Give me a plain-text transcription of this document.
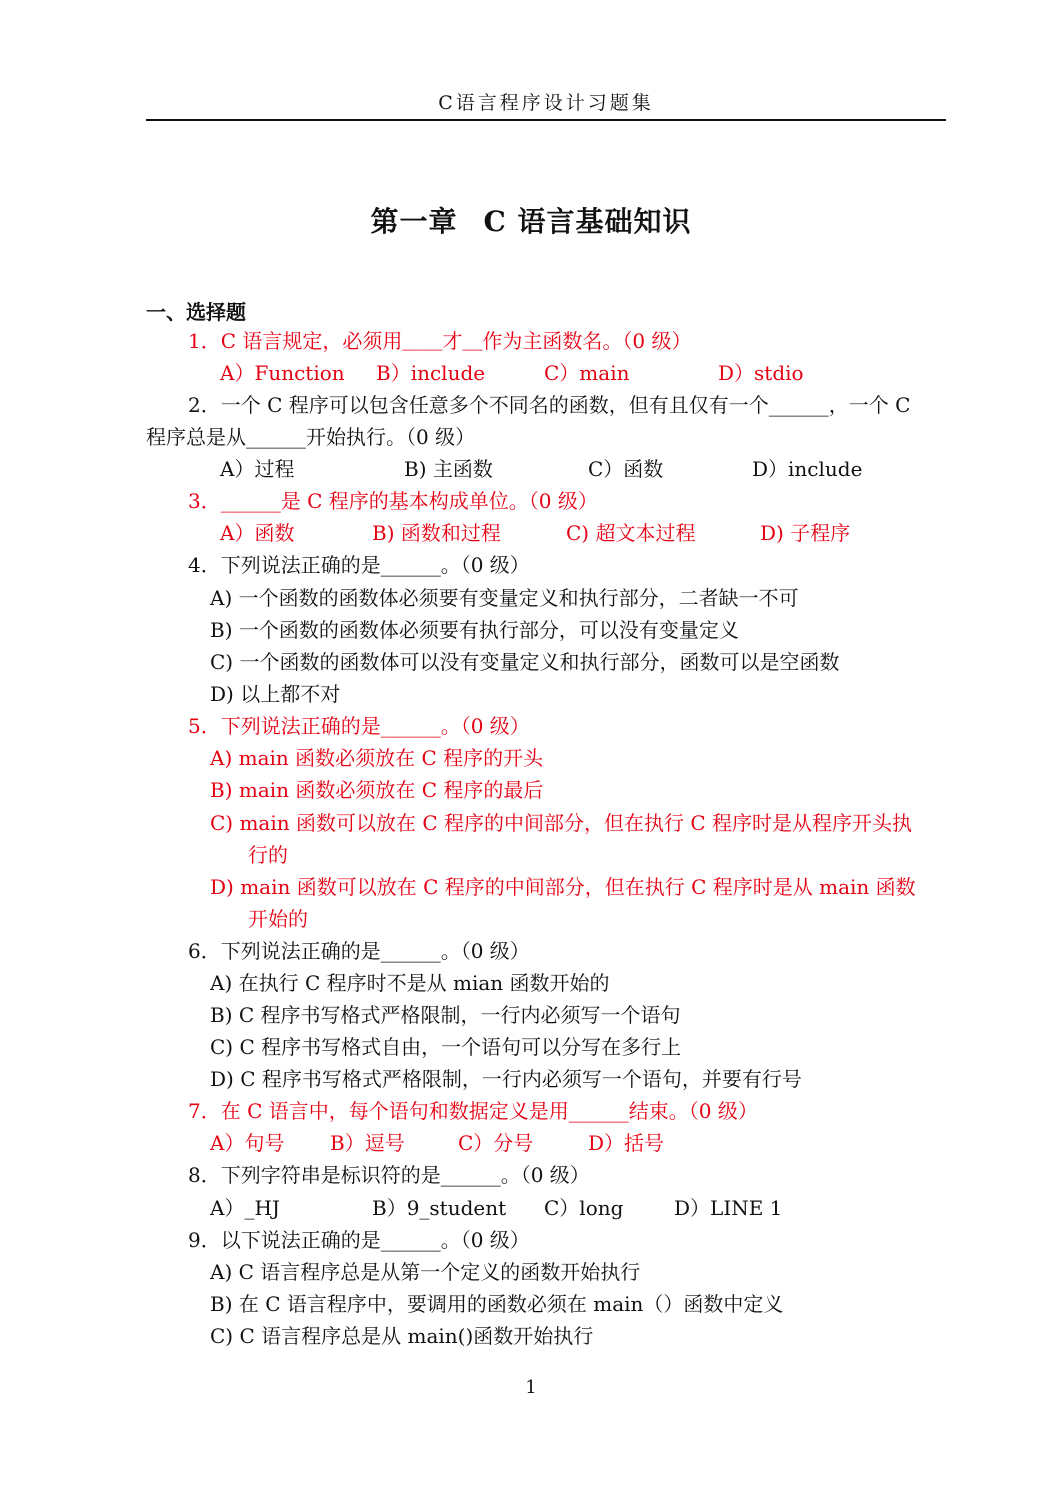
C语言程序设计习题集
第一章 C 语言基础知识
一、选择题
1．C 语言规定，必须用＿＿才＿作为主函数名。（0 级）
A）Function B）include	C）main	D）stdio
2．一个 C 程序可以包含任意多个不同名的函数，但有且仅有一个______，一个 C
程序总是从______开始执行。（0 级）
A）过程	B) 主函数	C）函数	D）include
3．______是 C 程序的基本构成单位。（0 级）
A）函数	B) 函数和过程	C) 超文本过程	D) 子程序
4．下列说法正确的是______。（0 级）
A) 一个函数的函数体必须要有变量定义和执行部分，二者缺一不可
B) 一个函数的函数体必须要有执行部分，可以没有变量定义
C) 一个函数的函数体可以没有变量定义和执行部分，函数可以是空函数
D) 以上都不对
5．下列说法正确的是______。（0 级）
A) main 函数必须放在 C 程序的开头
B) main 函数必须放在 C 程序的最后
C) main 函数可以放在 C 程序的中间部分，但在执行 C 程序时是从程序开头执
行的
D) main 函数可以放在 C 程序的中间部分，但在执行 C 程序时是从 main 函数
开始的
6．下列说法正确的是______。（0 级）
A) 在执行 C 程序时不是从 mian 函数开始的
B) C 程序书写格式严格限制，一行内必须写一个语句
C) C 程序书写格式自由，一个语句可以分写在多行上
D) C 程序书写格式严格限制，一行内必须写一个语句，并要有行号
7．在 C 语言中，每个语句和数据定义是用______结束。（0 级）
A）句号 B）逗号	C）分号	D）括号
8．下列字符串是标识符的是______。（0 级）
A）_HJ	B）9_student C）long	D）LINE 1
9．以下说法正确的是______。（0 级）
A) C 语言程序总是从第一个定义的函数开始执行
B) 在 C 语言程序中，要调用的函数必须在 main（）函数中定义
C) C 语言程序总是从 main()函数开始执行
1
